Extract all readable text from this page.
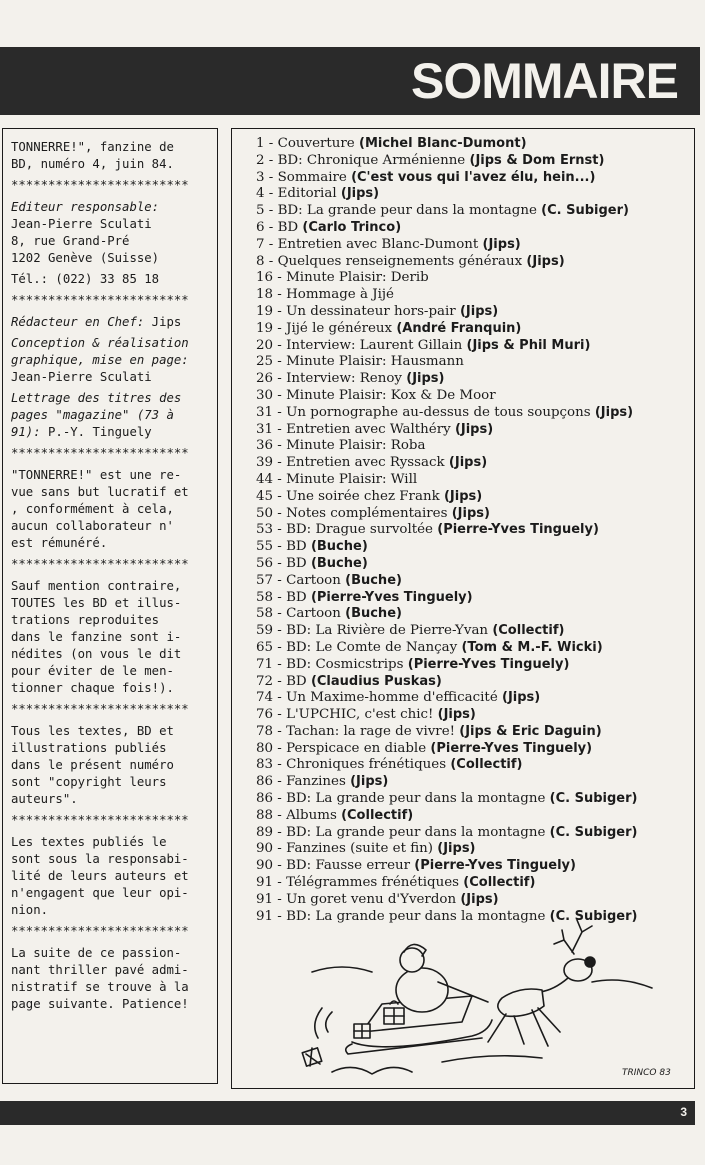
SOMMAIRE

TONNERRE!", fanzine de
BD, numéro 4, juin 84.

************************

Editeur responsable:

Jean-Pierre Sculati
8, rue Grand-Pré
1202 Genève (Suisse)

Tél.: (022) 33 85 18

************************

Rédacteur en Chef: Jips

Conception & réalisation
graphique, mise en page:

Jean-Pierre Sculati

Lettrage des titres des
pages "magazine" (73 à
91): P.-Y. Tinguely

************************

"TONNERRE!" est une re-
vue sans but lucratif et
, conformément à cela,
aucun collaborateur n'
est rémunéré.

************************

Sauf mention contraire,
TOUTES les BD et illus-
trations reproduites
dans le fanzine sont i-
nédites (on vous le dit
pour éviter de le men-
tionner chaque fois!).

************************

Tous les textes, BD et
illustrations publiés
dans le présent numéro
sont "copyright leurs
auteurs".

************************

Les textes publiés le
sont sous la responsabi-
lité de leurs auteurs et
n'engagent que leur opi-
nion.

************************

La suite de ce passion-
nant thriller pavé admi-
nistratif se trouve à la
page suivante. Patience!

1 - Couverture (Michel Blanc-Dumont)
2 - BD: Chronique Arménienne (Jips & Dom Ernst)
3 - Sommaire (C'est vous qui l'avez élu, hein...)
4 - Editorial (Jips)
5 - BD: La grande peur dans la montagne (C. Subiger)
6 - BD (Carlo Trinco)
7 - Entretien avec Blanc-Dumont (Jips)
8 - Quelques renseignements généraux (Jips)
16 - Minute Plaisir: Derib
18 - Hommage à Jijé
19 - Un dessinateur hors-pair (Jips)
19 - Jijé le généreux (André Franquin)
20 - Interview: Laurent Gillain (Jips & Phil Muri)
25 - Minute Plaisir: Hausmann
26 - Interview: Renoy (Jips)
30 - Minute Plaisir: Kox & De Moor
31 - Un pornographe au-dessus de tous soupçons (Jips)
31 - Entretien avec Walthéry (Jips)
36 - Minute Plaisir: Roba
39 - Entretien avec Ryssack (Jips)
44 - Minute Plaisir: Will
45 - Une soirée chez Frank (Jips)
50 - Notes complémentaires (Jips)
53 - BD: Drague survoltée (Pierre-Yves Tinguely)
55 - BD (Buche)
56 - BD (Buche)
57 - Cartoon (Buche)
58 - BD (Pierre-Yves Tinguely)
58 - Cartoon (Buche)
59 - BD: La Rivière de Pierre-Yvan (Collectif)
65 - BD: Le Comte de Nançay (Tom & M.-F. Wicki)
71 - BD: Cosmicstrips (Pierre-Yves Tinguely)
72 - BD (Claudius Puskas)
74 - Un Maxime-homme d'efficacité (Jips)
76 - L'UPCHIC, c'est chic! (Jips)
78 - Tachan: la rage de vivre! (Jips & Eric Daguin)
80 - Perspicace en diable (Pierre-Yves Tinguely)
83 - Chroniques frénétiques (Collectif)
86 - Fanzines (Jips)
86 - BD: La grande peur dans la montagne (C. Subiger)
88 - Albums (Collectif)
89 - BD: La grande peur dans la montagne (C. Subiger)
90 - Fanzines (suite et fin) (Jips)
90 - BD: Fausse erreur (Pierre-Yves Tinguely)
91 - Télégrammes frénétiques (Collectif)
91 - Un goret venu d'Yverdon (Jips)
91 - BD: La grande peur dans la montagne (C. Subiger)
TRINCO 83
3
